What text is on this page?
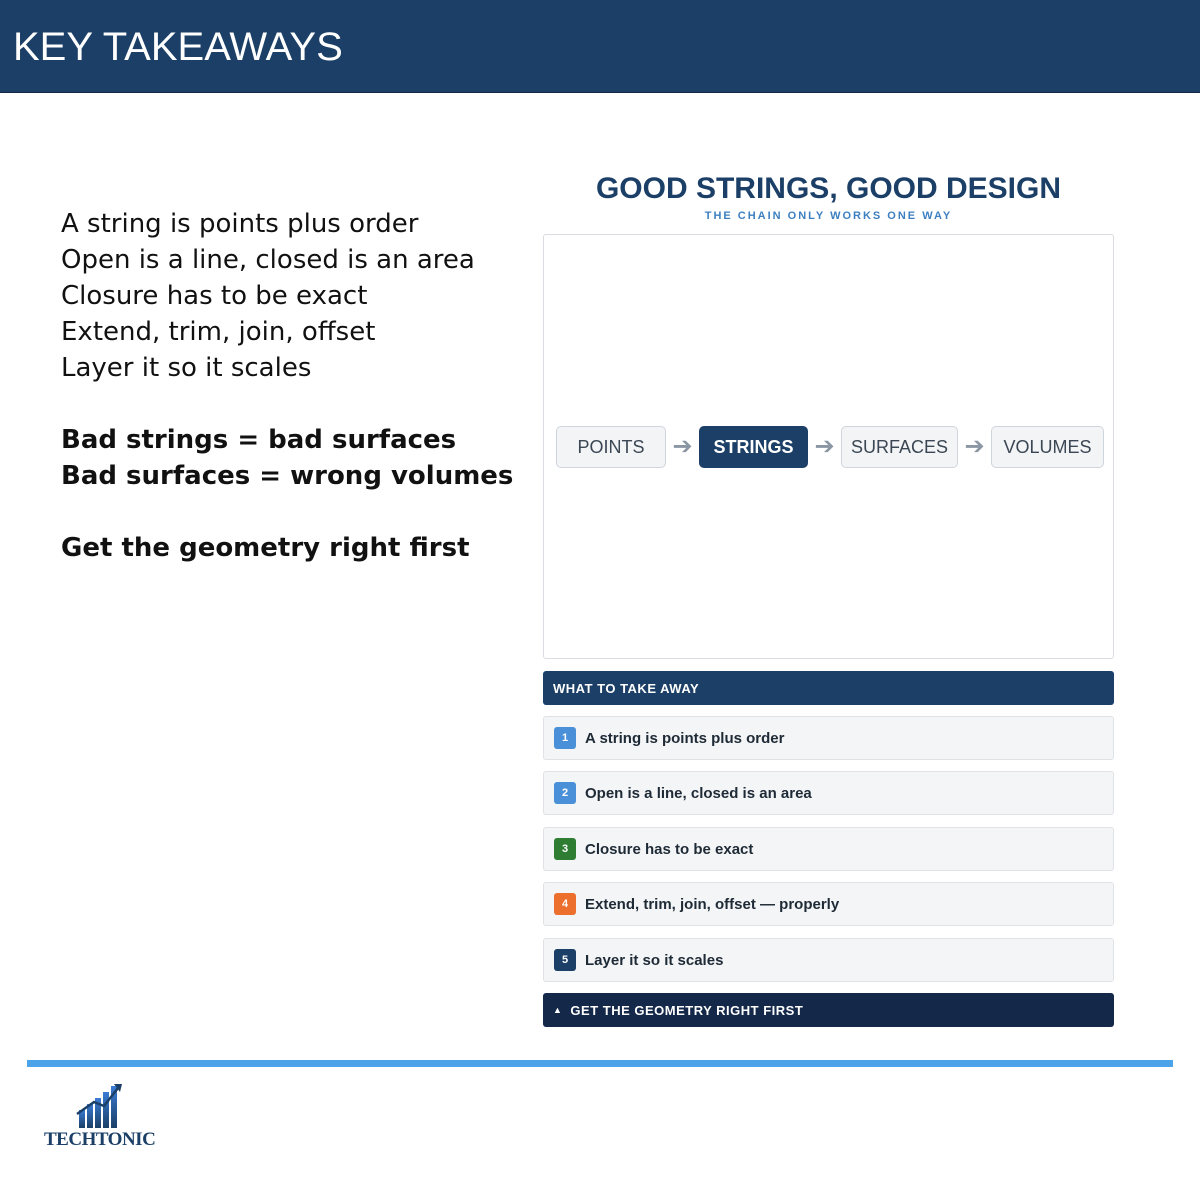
KEY TAKEAWAYS
A string is points plus order
Open is a line, closed is an area
Closure has to be exact
Extend, trim, join, offset
Layer it so it scales
Bad strings = bad surfaces
Bad surfaces = wrong volumes
Get the geometry right first
GOOD STRINGS, GOOD DESIGN
THE CHAIN ONLY WORKS ONE WAY
POINTS	➔	STRINGS ➔ SURFACES ➔	VOLUMES
WHAT TO TAKE AWAY
1	A string is points plus order
2	Open is a line, closed is an area
3	Closure has to be exact
4	Extend, trim, join, offset — properly
5	Layer it so it scales
▲ GET THE GEOMETRY RIGHT FIRST
TECHTONIC
